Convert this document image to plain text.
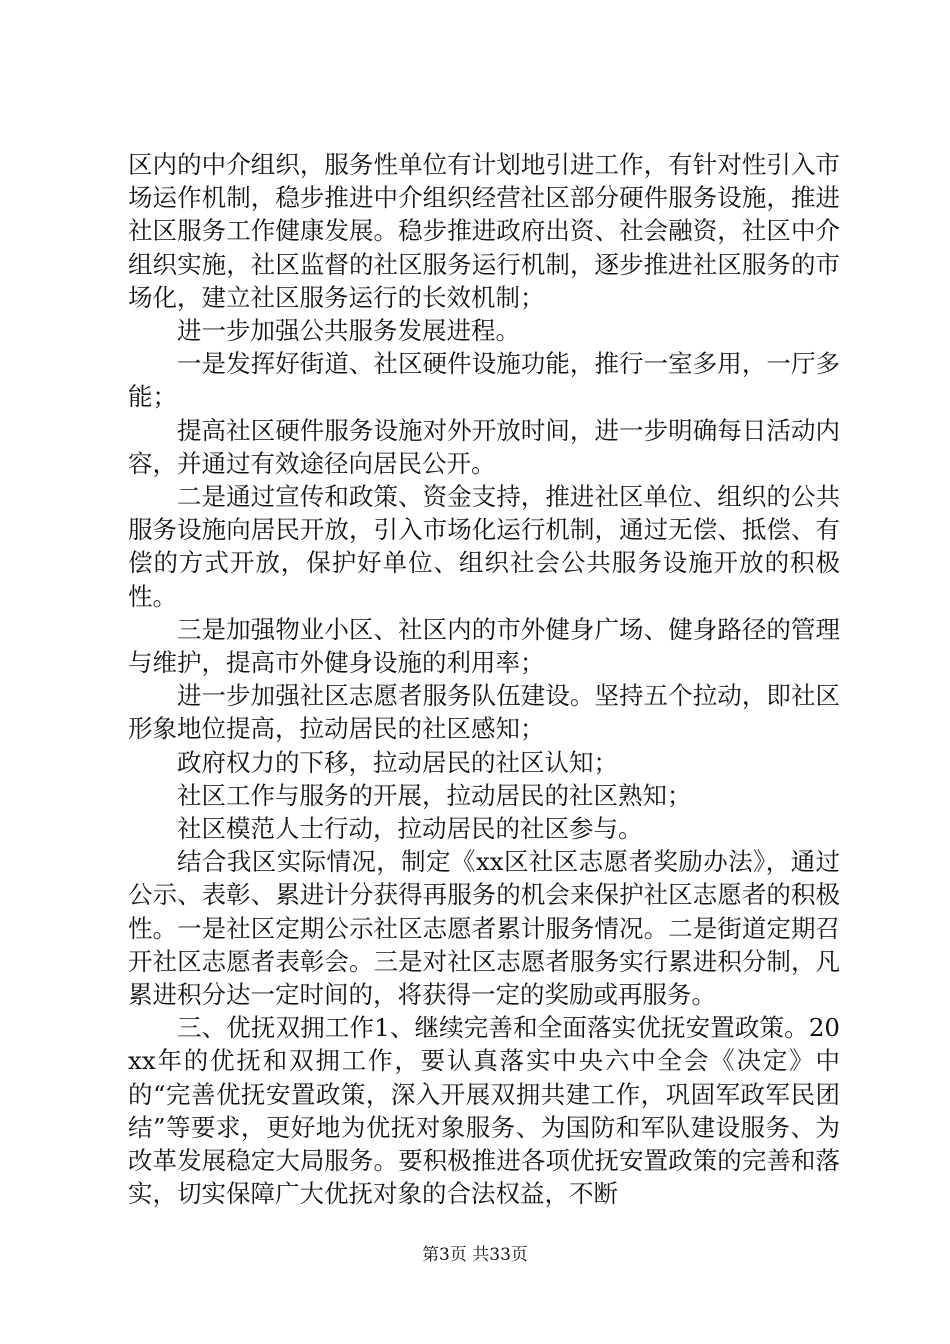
区内的中介组织，服务性单位有计划地引进工作，有针对性引入市场运作机制，稳步推进中介组织经营社区部分硬件服务设施，推进社区服务工作健康发展。稳步推进政府出资、社会融资，社区中介组织实施，社区监督的社区服务运行机制，逐步推进社区服务的市场化，建立社区服务运行的长效机制；

进一步加强公共服务发展进程。

一是发挥好街道、社区硬件设施功能，推行一室多用，一厅多能；

提高社区硬件服务设施对外开放时间，进一步明确每日活动内容，并通过有效途径向居民公开。

二是通过宣传和政策、资金支持，推进社区单位、组织的公共服务设施向居民开放，引入市场化运行机制，通过无偿、抵偿、有偿的方式开放，保护好单位、组织社会公共服务设施开放的积极性。

三是加强物业小区、社区内的市外健身广场、健身路径的管理与维护，提高市外健身设施的利用率；

进一步加强社区志愿者服务队伍建设。坚持五个拉动，即社区形象地位提高，拉动居民的社区感知；

政府权力的下移，拉动居民的社区认知；

社区工作与服务的开展，拉动居民的社区熟知；

社区模范人士行动，拉动居民的社区参与。

结合我区实际情况，制定《xx区社区志愿者奖励办法》，通过公示、表彰、累进计分获得再服务的机会来保护社区志愿者的积极性。一是社区定期公示社区志愿者累计服务情况。二是街道定期召开社区志愿者表彰会。三是对社区志愿者服务实行累进积分制，凡累进积分达一定时间的，将获得一定的奖励或再服务。

三、优抚双拥工作1、继续完善和全面落实优抚安置政策。20xx年的优抚和双拥工作，要认真落实中央六中全会《决定》中的“完善优抚安置政策，深入开展双拥共建工作，巩固军政军民团结”等要求，更好地为优抚对象服务、为国防和军队建设服务、为改革发展稳定大局服务。要积极推进各项优抚安置政策的完善和落实，切实保障广大优抚对象的合法权益，不断

第3页 共33页
